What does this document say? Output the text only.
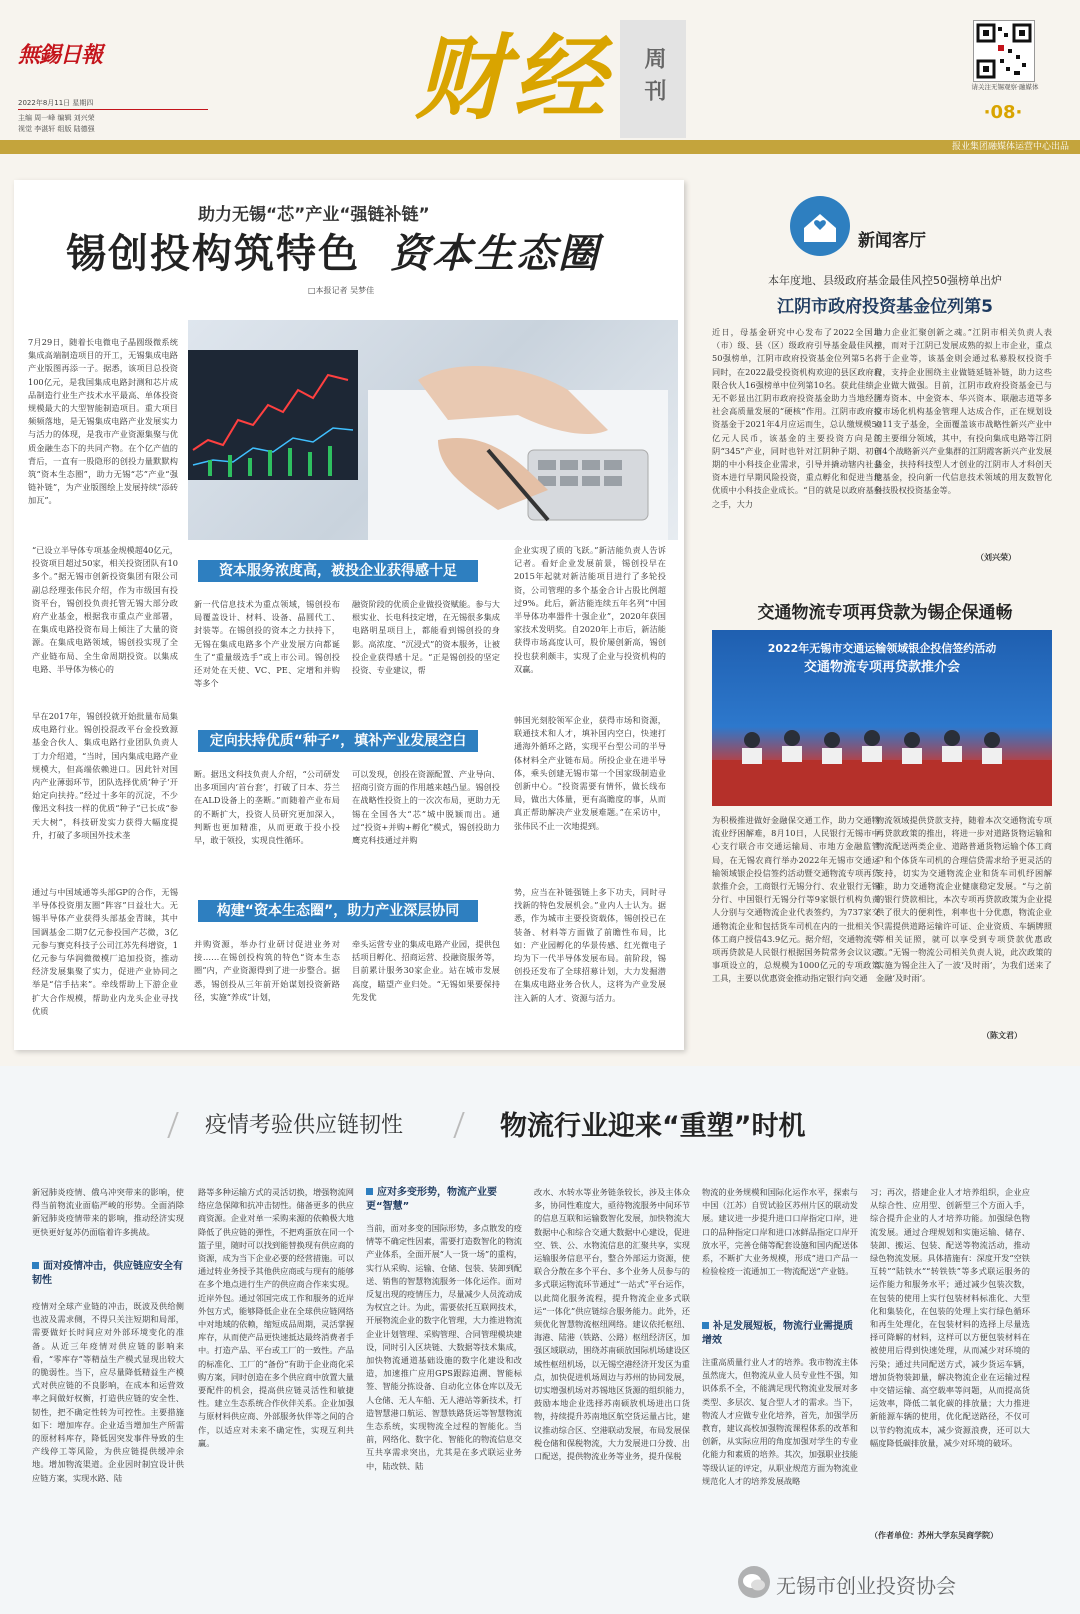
無錫日報
2022年8月11日 星期四
主编 周一峰 编辑 刘兴荣
视觉 李湛轩 组版 陆德强	财经	周刊	请关注无锡观察·融媒体
·08·
报业集团融媒体运营中心出品
助力无锡“芯”产业“强链补链”
锡创投构筑特色 资本生态圈
□本报记者 吴梦佳
7月29日，随着长电微电子晶圆级微系统集成高端制造项目的开工，无锡集成电路产业版图再添一子。据悉，该项目总投资100亿元，是我国集成电路封测和芯片成品制造行业生产技术水平最高、单体投资规模最大的大型智能制造项目。重大项目频频落地，是无锡集成电路产业发展实力与活力的体现，是我市产业资源集聚与优质金融生态下的共同产物。在个亿产值的背后，一直有一股隐形的创投力量默默构筑“资本生态圈”，助力无锡“芯”产业“强链补链”，为产业版图绘上发展持续“添砖加瓦”。
“已设立半导体专项基金规模超40亿元，投资项目超过50家，相关投资团队有10多个。”据无锡市创新投资集团有限公司副总经理张伟民介绍，作为市级国有投资平台，锡创投负责托管无锡大部分政府产业基金，根据我市重点产业部署，在集成电路投资布局上倾注了大量的资源。在集成电路领域，锡创投实现了全产业链布局、全生命周期投资。以集成电路、半导体为核心的
资本服务浓度高，被投企业获得感十足
新一代信息技术为重点领域，锡创投布局覆盖设计、材料、设备、晶圆代工、封装等。在锡创投的资本之力扶持下，无锡在集成电路多个产业发展方向都诞生了“重量级选手”或上市公司。锡创投还对处在天使、VC、PE、定增和并购等多个
融资阶段的优质企业做投资赋能。参与大根实业、长电科技定增，在无锡很多集成电路明星项目上，都能看到锡创投的身影。高浓度、“沉浸式”的资本服务，让被投企业获得感十足。“正是锡创投的坚定投资、专业建议，帮
企业实现了质的飞跃。”新洁能负责人告诉记者。看好企业发展前景，锡创投早在2015年起就对新洁能项目进行了多轮投资，公司管理的多个基金合计占股比例超过9%。此后，新洁能连续五年名列“中国半导体功率器件十强企业”，2020年获国家技术发明奖。自2020年上市后，新洁能获得市场高度认可，股价屡创新高，锡创投也获利颇丰，实现了企业与投资机构的双赢。
早在2017年，锡创投就开始批量布局集成电路行业。锡创投混改平台金投致源基金合伙人、集成电路行业团队负责人丁力介绍道，“当时，国内集成电路产业规模大，但高端依赖进口。因此针对国内产业薄弱环节，团队选择优质‘种子’开始定向扶持。”经过十多年的沉淀，不少像迅文科技一样的优质“种子”已长成“参天大树”，科技研发实力获得大幅度提升，打破了多项国外技术垄
定向扶持优质“种子”，填补产业发展空白
断。据迅文科技负责人介绍，“公司研发出多项国内‘首台套’，打破了日本、芬兰在ALD设备上的垄断。”而随着产业布局的不断扩大，投资人员研究更加深入，判断也更加精准，从而更敢于投小投早，敢于领投，实现良性循环。
可以发现，创投在资源配置、产业导向、招商引资方面的作用越来越凸显。锡创投在战略性投资上的一次次布局，更助力无锡在全国各大“芯”城中脱颖而出。通过“投资+并购+孵化”模式，锡创投助力鹰克科技通过并购
韩国光刻胶领军企业，获得市场和资源，联通技术和人才，填补国内空白，快速打通海外循环之路，实现平台型公司的半导体材料全产业链布局。所投企业在进半导体，乘头创建无锡市第一个国家级制造业创新中心。“投资需要有情怀，做长线布局，做出大体量，更有高瞻度的事，从而真正帮助解决产业发展难题。”在采访中，张伟民不止一次地提到。
通过与中国域通等头部GP的合作，无锡半导体投资朋友圈“阵容”日益壮大。无锡半导体产业获得头部基金青睐，其中国调基金二期7亿元参投国产芯微，3亿元参与赛克科技子公司江苏先科增资，1亿元参与华润微微模厂追加投资，推动经济发展集聚了实力，促进产业协同之举是“信手拈来”。牵线帮助上下游企业扩大合作规模，帮助业内龙头企业寻找优质
构建“资本生态圈”，助力产业深层协同
并购资源，举办行业研讨促进业务对接……在锡创投构筑的特色“资本生态圈”内，产业资源得到了进一步整合。据悉，锡创投从三年前开始谋划投资新路径，实施“养成”计划，
牵头运营专业的集成电路产业园，提供包括项目孵化、招商运营、投融资服务等，目前累计服务30家企业。站在城市发展高度，瞄望产业归处。“无锡如果要保持先发优
势，应当在补链强链上多下功夫，同时寻找新的特色发展机会。”业内人士认为。据悉，作为城市主要投资载体，锡创投已在装备、材料等方面做了前瞻性布局，比如：产业园孵化的华景传感、红光微电子均为下一代半导体发展布局。前阶段，锡创投还发布了全球招募计划，大力发掘潜在集成电路业务合伙人，这将为产业发展注入新的人才、资源与活力。
新闻客厅
本年度地、县级政府基金最佳风控50强榜单出炉
江阴市政府投资基金位列第5
近日，母基金研究中心发布了2022全国地（市）级、县（区）级政府引导基金最佳风控50强榜单，江阴市政府投资基金位列第5名；同时，在2022最受投资机构欢迎的县区政府有限合伙人16强榜单中位列第10名。获此佳绩，无不彰显出江阴市政府投资基金助力当地经济社会高质量发展的“硬核”作用。江阴市政府投资基金于2021年4月应运而生，总认缴规模50亿元人民币，该基金的主要投资方向是江阴“345”产业，同时也针对江阴种子期、初创期的中小科技企业需求，引导并撬动辖内社会资本进行早期风险投资，重点孵化和促进当地优质中小科技企业成长。“目的就是以政府基金之手，大力
助力企业汇聚创新之魂。”江阴市相关负责人表示，而对于江阴已发展成熟的拟上市企业，重点将于企业等，该基金则会通过私募股权投资手段，支持企业围绕主业做链延链补链，助力这些企业做大做强。目前，江阴市政府投资基金已与国寿资本、中金资本、华兴资本、联融志道等多家市场化机构基金管理人达成合作，正在规划设立11支子基金，全面覆盖该市战略性新兴产业中的主要细分领域，其中，有投向集成电路等江阴市4个战略新兴产业集群的江阴霞客新兴产业发展基金，扶持科技型人才创业的江阴市人才科创天使基金，投向新一代信息技术领域的用友数智化科技股权投资基金等。
（刘兴荣）
交通物流专项再贷款为锡企保通畅
2022年无锡市交通运输领域银企投信签约活动
交通物流专项再贷款推介会
为积极推进做好金融保交通工作，助力交通物流业纾困解难，8月10日，人民银行无锡市中心支行联合市交通运输局、市地方金融监管局，在无锡农商行举办2022年无锡市交通运输领域银企投信签约活动暨交通物流专项再贷款推介会，工商银行无锡分行、农业银行无锡分行、中国银行无锡分行等9家银行机构负责人分别与交通物流企业代表签约，为737家交通物流企业和包括货车司机在内的一批相关个体工商户授信43.9亿元。据介绍，交通物流专项再贷款是人民银行根据国务院常务会议议定事项设立的，总规模为1000亿元的专项政策工具，主要以优惠资金推动指定银行向交通
物流领域提供贷款支持，随着本次交通物流专项再贷款政策的推出，将进一步对道路货物运输和物流配送两类企业、道路普通货物运输个体工商户和个体货车司机的合理信贷需求给予更灵活的支持，切实为交通物流企业和货车司机纾困解难，助力交通物流企业健康稳定发展。“与之前的银行贷款相比，本次专项再贷款政策为企业提供了很大的便利性，利率也十分优惠，物流企业只需提供道路运输许可证、企业资质、车辆牌照等相关证照，就可以享受到专项贷款优惠政策。”无锡一物流公司相关负责人说，此次政策的实施为锡企注入了一波‘及时雨’，为我们送来了金融‘及时雨’。
（陈文君）
疫情考验供应链韧性	物流行业迎来“重塑”时机
新冠肺炎疫情、俄乌冲突带来的影响，使得当前物流业面临严峻的形势。全面消除新冠肺炎疫情带来的影响，推动经济实现更快更好复苏仍面临着许多挑战。
面对疫情冲击，供应链应安全有韧性
疫情对全球产业链的冲击，既波及供给侧也波及需求侧，不得只关注短期和局部，需要做好长时间应对外部环境变化的准备。从近三年疫情对供应链的影响来看，“零库存”等精益生产模式显现出较大的脆弱性。当下，应尽量降低精益生产模式对供应链的不良影响，在成本和运营效率之间做好权衡，打造供应链的安全性、韧性，把不确定性转为可控性。主要措施如下：增加库存。企业适当增加生产所需的原材料库存，降低因突发事件导致的生产线停工等风险，为供应链提供缓冲余地。增加物流渠道。企业因时制宜设计供应链方案，实现水路、陆
路等多种运输方式的灵活切换，增强物流网络应急保障和抗冲击韧性。储备更多的供应商资源。企业对单一采购来源的依赖极大地降低了供应链的弹性，不把鸡蛋放在同一个篮子里，随时可以找到能替换现有供应商的资源，成为当下企业必要的经营措施。可以通过转业务授予其他供应商或与现有的能够在多个地点进行生产的供应商合作来实现。近岸外包。通过邻国完成工作和服务的近岸外包方式，能够降低企业在全球供应链网络中对地域的依赖，缩短成品周期，灵活掌握库存，从而使产品更快速抵达最终消费者手中。打造产品、平台或工厂的一致性。产品的标准化、工厂的“备份”有助于企业商化采购方案，同时创造在多个供应商中放置大量要配件的机会，提高供应链灵活性和敏捷性。建立生态系统合作伙伴关系。企业加强与原材料供应商、外部服务伙伴等之间的合作，以适应对未来不确定性，实现互利共赢。
应对多变形势，物流产业要更“智慧”
当前，面对多变的国际形势，多点散发的疫情等不确定性因素，需要打造数智化的物流产业体系，全面开展“人一货一场”的重构，实行从采购、运输、仓储、包装、装卸到配送、销售的智慧物流服务一体化运作。面对反复出现的疫情压力，尽量减少人员流动成为权宜之计。为此，需要依托互联网技术，开展物流企业的数字化管理，大力推进物流企业计划管理、采购管理、合同管理模块建设，同时引入区块链、大数据等技术集成，加快物流通道基础设施的数字化建设和改造，加速推广应用GPS跟踪追溯、智能标签、智能分拣设备、自动化立体仓库以及无人仓储、无人车船、无人港站等新技术，打造智慧港口航运、智慧铁路货运等智慧物流生态系统，实现物流全过程的智能化。当前，网络化、数字化、智能化的物流信息交互共享需求突出，尤其是在多式联运业务中，陆改铁、陆
改水、水转水等业务链条较长，涉及主体众多，协同性难度大，亟待物流服务中间环节的信息互联和运输数智化发展，加快物流大数据中心和综合交通大数据中心建设，促进空、铁、公、水物流信息的汇聚共享，实现运输服务信息平台，整合外部运力资源，使联合分散在多个平台、多个业务人员参与的多式联运物流环节通过“一站式”平台运作，以此简化服务流程，提升物流企业多式联运“一体化”供应链综合服务能力。此外，还须优化智慧物流枢纽网络。建议依托枢纽、海港、陆港（铁路、公路）枢纽经济区，加强区域联动，围绕苏南硕放国际机场建设区域性枢纽机场，以无锡空港经济开发区为重点，加快促进机场周边与苏州的协同发展，切实增强机场对苏锡地区货源的组织能力，鼓励本地企业选择苏南硕放机场进出口货物，持续提升苏南地区航空货运量占比，建议推动综合区、空港联动发展，布局发展保税仓储和保税物流，大力发展进口分拨、出口配送，提供物流业务等业务，提升保税
物流的业务规模和国际化运作水平，探索与中国（江苏）自贸试验区苏州片区的联动发展。建议进一步提升进口口岸指定口岸，进口的品种指定口岸和进口冰鲜品指定口岸开放水平，完善仓储等配套设施和国内配送体系，不断扩大业务规模，形成“进口产品一检验检疫一流通加工一物流配送”产业链。
补足发展短板，物流行业需提质增效
注重高质量行业人才的培养。我市物流主体虽然庞大，但物流从业人员专业性不强，知识体系不全，不能满足现代物流业发展对多类型、多层次、复合型人才的需求。当下，物流人才应做专业化培养，首先，加强学历教育，建议高校加强物流课程体系的改革和创新，从实际应用的角度加强对学生的专业化能力和素质的培养。其次，加强职业技能等级认证的评定，从职业规范方面为物流业规范化人才的培养发展战略
习；再次，搭建企业人才培养组织，企业应从综合性、应用型、创新型三个方面入手，综合提升企业的人才培养功能。加强绿色物流发展。通过合理规划和实施运输、储存、装卸、搬运、包装、配送等物流活动，推动绿色物流发展。具体措施有：深度开发“空铁互转”“陆铁水”“转铁铁”等多式联运服务的运作能力和服务水平；通过减少包装次数，在包装的使用上实行包装材料标准化、大型化和集装化，在包装的处理上实行绿色循环和再生处理化，在包装材料的选择上尽量选择可降解的材料，这样可以方便包装材料在被使用后得到快速处理，从而减少对环境的污染；通过共同配送方式，减少货运车辆，增加货物装卸量，解决物流企业在运输过程中交错运输、高空载率等问题，从而提高货运效率，降低二氧化碳的排放量；大力推进新能源车辆的使用，优化配送路径，不仅可以节约物流成本，减少资源浪费，还可以大幅度降低碳排放量，减少对环境的破坏。
（作者单位：苏州大学东吴商学院）
无锡市创业投资协会
